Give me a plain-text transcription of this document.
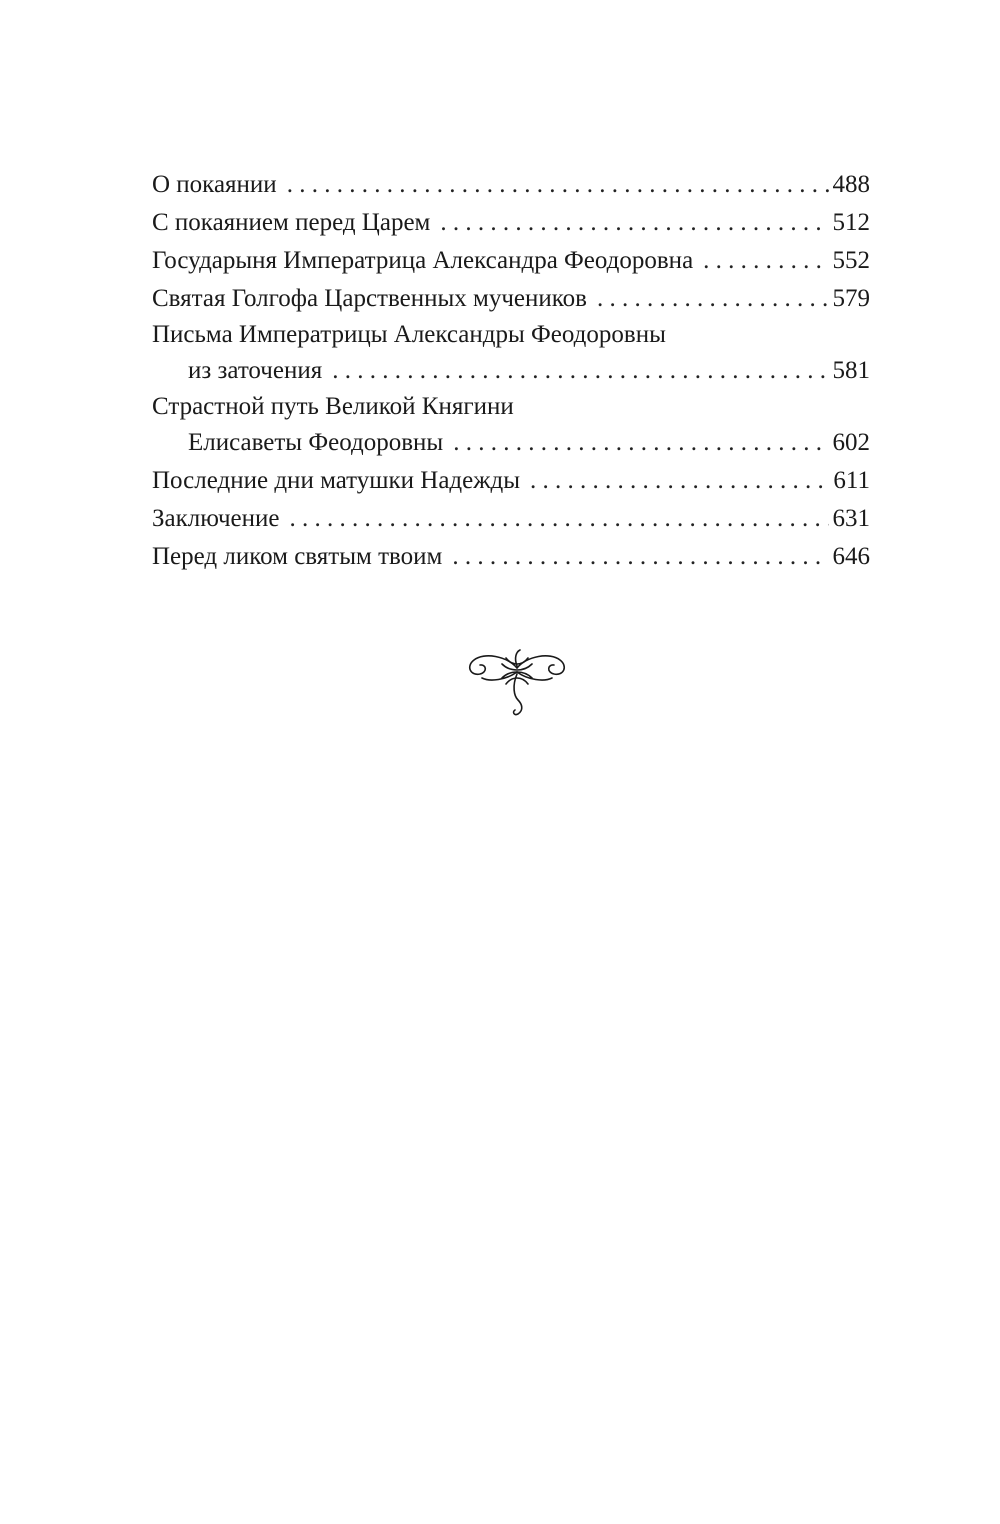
О покаянии . . .	488
С покаянием перед Царем . . .	512
Государыня Императрица Александра Феодоровна . . .	552
Святая Голгофа Царственных мучеников . . .	579
Письма Императрицы Александры Феодоровны
из заточения . . .	581
Страстной путь Великой Княгини
Елисаветы Феодоровны . . .	602
Последние дни матушки Надежды . . .	611
Заключение . . .	631
Перед ликом святым твоим . . .	646
